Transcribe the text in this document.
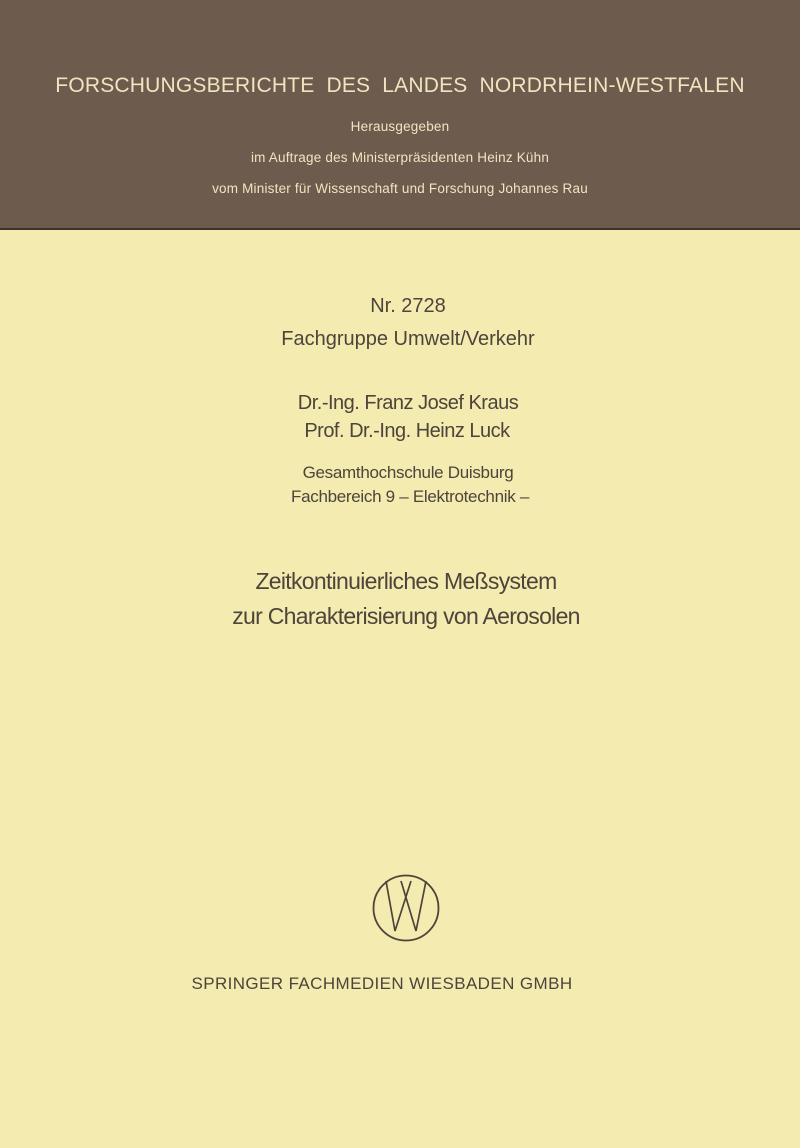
FORSCHUNGSBERICHTE DES LANDES NORDRHEIN-WESTFALEN
Herausgegeben
im Auftrage des Ministerpräsidenten Heinz Kühn
vom Minister für Wissenschaft und Forschung Johannes Rau
Nr. 2728
Fachgruppe Umwelt/Verkehr
Dr.-Ing. Franz Josef Kraus
Prof. Dr.-Ing. Heinz Luck
Gesamthochschule Duisburg
Fachbereich 9 – Elektrotechnik –
Zeitkontinuierliches Meßsystem
zur Charakterisierung von Aerosolen
SPRINGER FACHMEDIEN WIESBADEN GMBH
